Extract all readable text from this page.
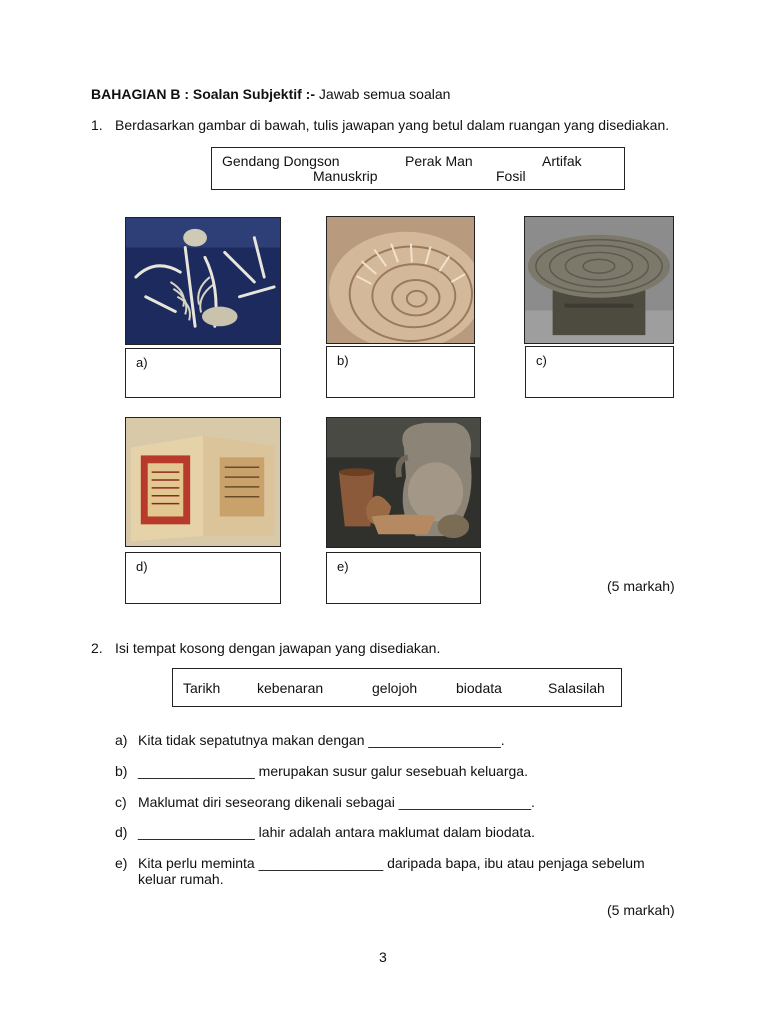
BAHAGIAN B : Soalan Subjektif :- Jawab semua soalan
1. Berdasarkan gambar di bawah, tulis jawapan yang betul dalam ruangan yang disediakan.
Gendang Dongson	Perak Man	Artifak
Manuskrip	Fosil
a)	b)	c)
d)	e)
(5 markah)
2. Isi tempat kosong dengan jawapan yang disediakan.
Tarikh	kebenaran	gelojoh	biodata	Salasilah
a) Kita tidak sepatutnya makan dengan _________________.
b) _______________ merupakan susur galur sesebuah keluarga.
c) Maklumat diri seseorang dikenali sebagai _________________.
d) _______________ lahir adalah antara maklumat dalam biodata.
e) Kita perlu meminta ________________ daripada bapa, ibu atau penjaga sebelum
keluar rumah.
(5 markah)
3
